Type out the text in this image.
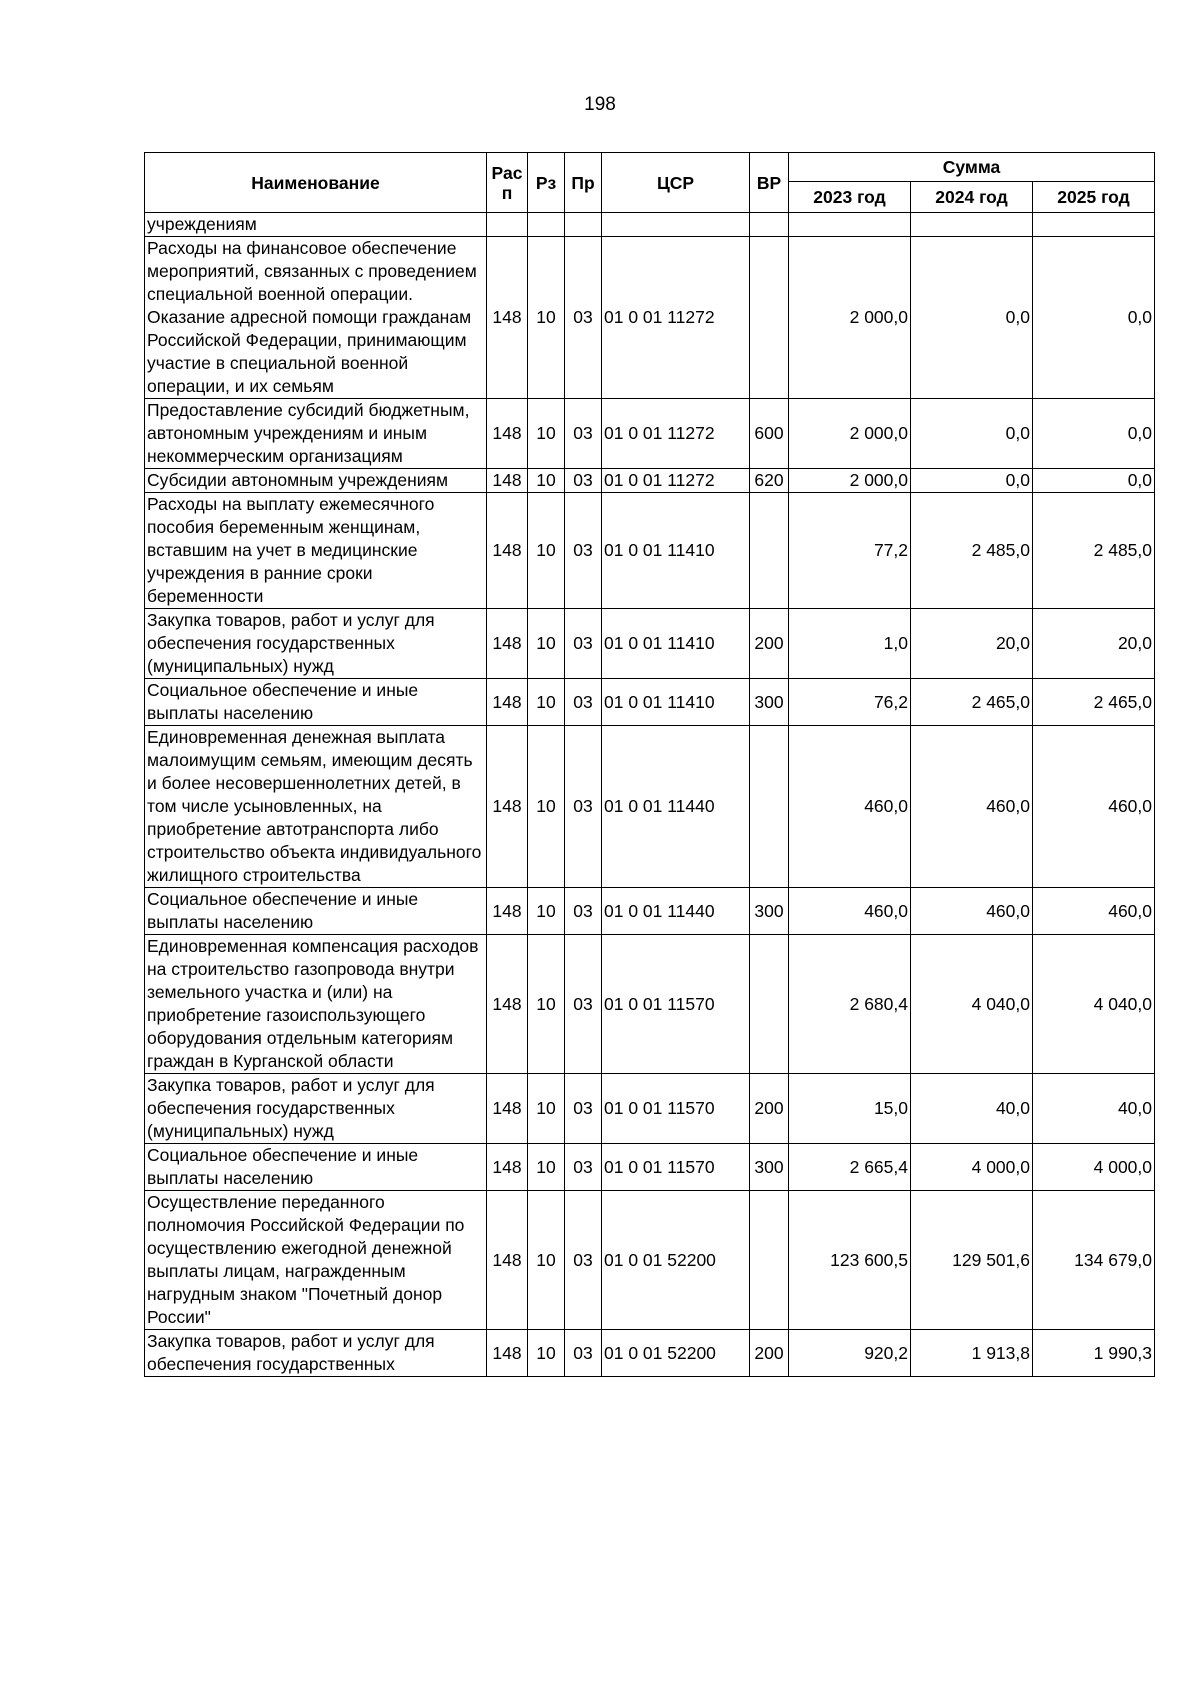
198
Наименование	Рас п	Рз	Пр	ЦСР	ВР	Сумма		
						2023 год	2024 год	2025 год

учреждениям								

Расходы на финансовое обеспечение мероприятий, связанных с проведением специальной военной операции. Оказание адресной помощи гражданам Российской Федерации, принимающим участие в специальной военной операции, и их семьям	148	10	03	01 0 01 11272		2 000,0	0,0	0,0

Предоставление субсидий бюджетным, автономным учреждениям и иным некоммерческим организациям	148	10	03	01 0 01 11272	600	2 000,0	0,0	0,0

Субсидии автономным учреждениям	148	10	03	01 0 01 11272	620	2 000,0	0,0	0,0

Расходы на выплату ежемесячного пособия беременным женщинам, вставшим на учет в медицинские учреждения в ранние сроки беременности	148	10	03	01 0 01 11410		77,2	2 485,0	2 485,0

Закупка товаров, работ и услуг для обеспечения государственных (муниципальных) нужд	148	10	03	01 0 01 11410	200	1,0	20,0	20,0

Социальное обеспечение и иные выплаты населению	148	10	03	01 0 01 11410	300	76,2	2 465,0	2 465,0

Единовременная денежная выплата малоимущим семьям, имеющим десять и более несовершеннолетних детей, в том числе усыновленных, на приобретение автотранспорта либо строительство объекта индивидуального жилищного строительства	148	10	03	01 0 01 11440		460,0	460,0	460,0

Социальное обеспечение и иные выплаты населению	148	10	03	01 0 01 11440	300	460,0	460,0	460,0

Единовременная компенсация расходов на строительство газопровода внутри земельного участка и (или) на приобретение газоиспользующего оборудования отдельным категориям граждан в Курганской области	148	10	03	01 0 01 11570		2 680,4	4 040,0	4 040,0

Закупка товаров, работ и услуг для обеспечения государственных (муниципальных) нужд	148	10	03	01 0 01 11570	200	15,0	40,0	40,0

Социальное обеспечение и иные выплаты населению	148	10	03	01 0 01 11570	300	2 665,4	4 000,0	4 000,0

Осуществление переданного полномочия Российской Федерации по осуществлению ежегодной денежной выплаты лицам, награжденным нагрудным знаком "Почетный донор России"	148	10	03	01 0 01 52200		123 600,5	129 501,6	134 679,0

Закупка товаров, работ и услуг для обеспечения государственных	148	10	03	01 0 01 52200	200	920,2	1 913,8	1 990,3
